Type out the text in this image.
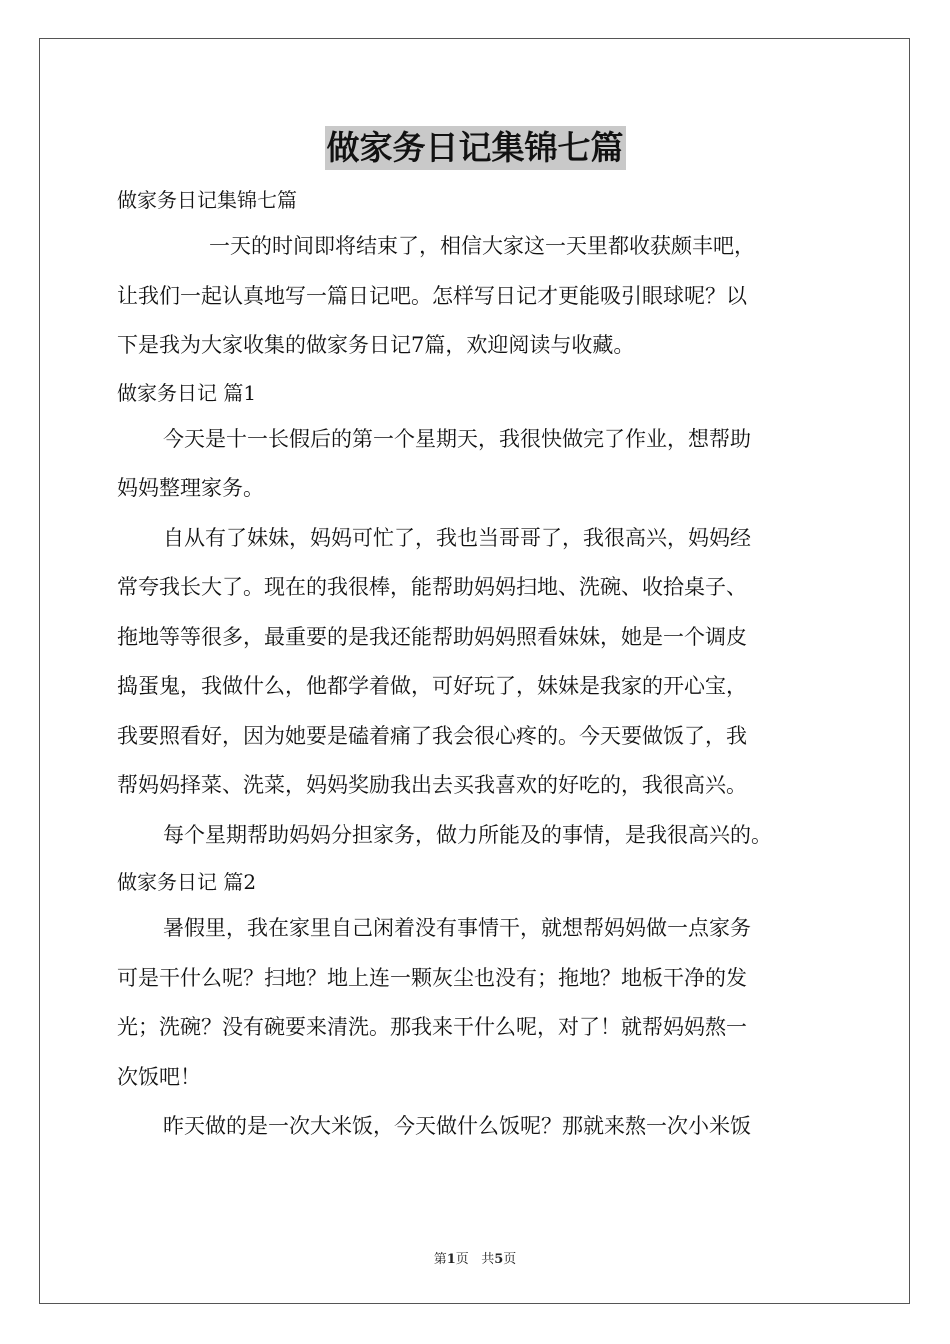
做家务日记集锦七篇
做家务日记集锦七篇
一天的时间即将结束了，相信大家这一天里都收获颇丰吧，
让我们一起认真地写一篇日记吧。怎样写日记才更能吸引眼球呢？以
下是我为大家收集的做家务日记7篇，欢迎阅读与收藏。
做家务日记 篇1
今天是十一长假后的第一个星期天，我很快做完了作业，想帮助
妈妈整理家务。
自从有了妹妹，妈妈可忙了，我也当哥哥了，我很高兴，妈妈经
常夸我长大了。现在的我很棒，能帮助妈妈扫地、洗碗、收拾桌子、
拖地等等很多，最重要的是我还能帮助妈妈照看妹妹，她是一个调皮
捣蛋鬼，我做什么，他都学着做，可好玩了，妹妹是我家的开心宝，
我要照看好，因为她要是磕着痛了我会很心疼的。今天要做饭了，我
帮妈妈择菜、洗菜，妈妈奖励我出去买我喜欢的好吃的，我很高兴。
每个星期帮助妈妈分担家务，做力所能及的事情，是我很高兴的。
做家务日记 篇2
暑假里，我在家里自己闲着没有事情干，就想帮妈妈做一点家务
可是干什么呢？扫地？地上连一颗灰尘也没有；拖地？地板干净的发
光；洗碗？没有碗要来清洗。那我来干什么呢，对了！就帮妈妈熬一
次饭吧！
昨天做的是一次大米饭，今天做什么饭呢？那就来熬一次小米饭
第1页   共5页
